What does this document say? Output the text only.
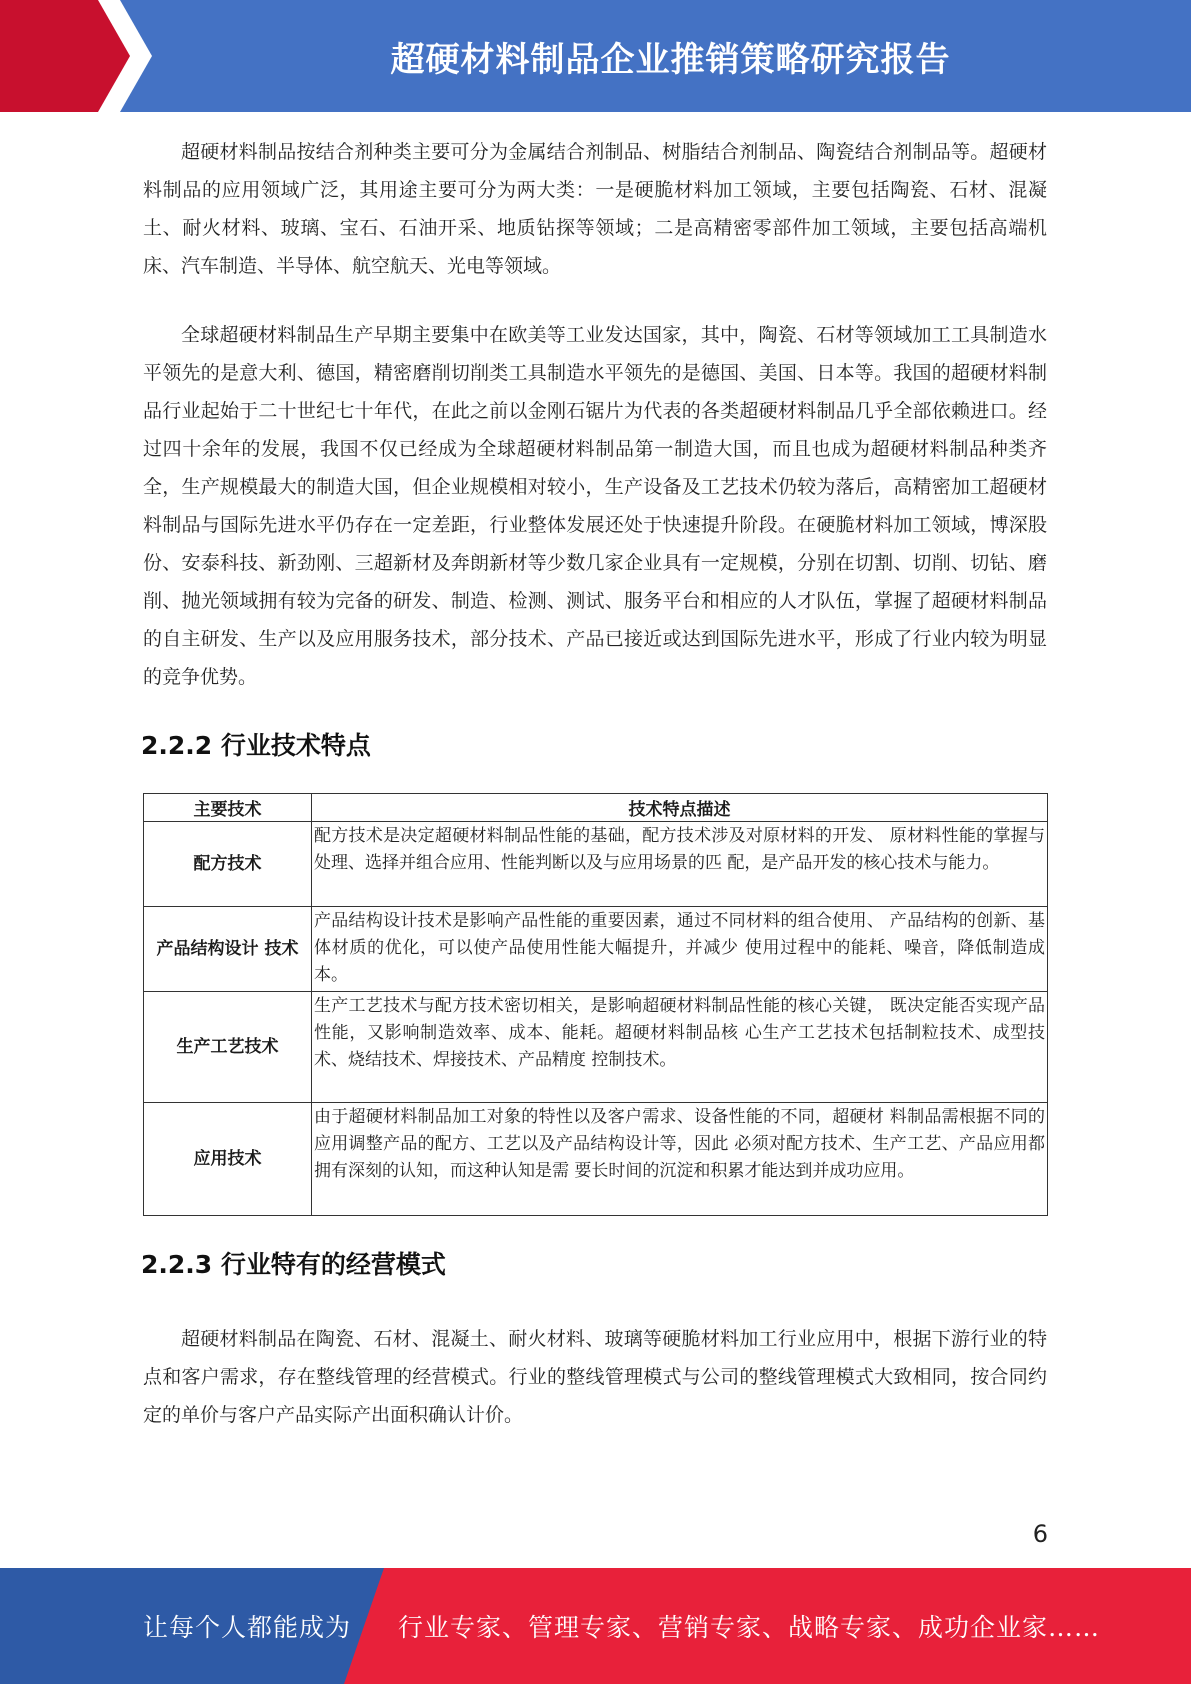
超硬材料制品企业推销策略研究报告

超硬材料制品按结合剂种类主要可分为金属结合剂制品、树脂结合剂制品、陶瓷结合剂制品等。超硬材料制品的应用领域广泛，其用途主要可分为两大类：一是硬脆材料加工领域，主要包括陶瓷、石材、混凝土、耐火材料、玻璃、宝石、石油开采、地质钻探等领域；二是高精密零部件加工领域，主要包括高端机床、汽车制造、半导体、航空航天、光电等领域。

全球超硬材料制品生产早期主要集中在欧美等工业发达国家，其中，陶瓷、石材等领域加工工具制造水平领先的是意大利、德国，精密磨削切削类工具制造水平领先的是德国、美国、日本等。我国的超硬材料制品行业起始于二十世纪七十年代，在此之前以金刚石锯片为代表的各类超硬材料制品几乎全部依赖进口。经过四十余年的发展，我国不仅已经成为全球超硬材料制品第一制造大国，而且也成为超硬材料制品种类齐全，生产规模最大的制造大国，但企业规模相对较小，生产设备及工艺技术仍较为落后，高精密加工超硬材料制品与国际先进水平仍存在一定差距，行业整体发展还处于快速提升阶段。在硬脆材料加工领域，博深股份、安泰科技、新劲刚、三超新材及奔朗新材等少数几家企业具有一定规模，分别在切割、切削、切钻、磨削、抛光领域拥有较为完备的研发、制造、检测、测试、服务平台和相应的人才队伍，掌握了超硬材料制品的自主研发、生产以及应用服务技术，部分技术、产品已接近或达到国际先进水平，形成了行业内较为明显的竞争优势。

2.2.2 行业技术特点
主要技术	技术特点描述
配方技术	配方技术是决定超硬材料制品性能的基础，配方技术涉及对原材料的开发、 原材料性能的掌握与处理、选择并组合应用、性能判断以及与应用场景的匹 配，是产品开发的核心技术与能力。
产品结构设计 技术	产品结构设计技术是影响产品性能的重要因素，通过不同材料的组合使用、 产品结构的创新、基体材质的优化，可以使产品使用性能大幅提升，并减少 使用过程中的能耗、噪音，降低制造成本。
生产工艺技术	生产工艺技术与配方技术密切相关，是影响超硬材料制品性能的核心关键， 既决定能否实现产品性能，又影响制造效率、成本、能耗。超硬材料制品核 心生产工艺技术包括制粒技术、成型技术、烧结技术、焊接技术、产品精度 控制技术。
应用技术	由于超硬材料制品加工对象的特性以及客户需求、设备性能的不同，超硬材 料制品需根据不同的应用调整产品的配方、工艺以及产品结构设计等，因此 必须对配方技术、生产工艺、产品应用都拥有深刻的认知，而这种认知是需 要长时间的沉淀和积累才能达到并成功应用。
2.2.3 行业特有的经营模式

超硬材料制品在陶瓷、石材、混凝土、耐火材料、玻璃等硬脆材料加工行业应用中，根据下游行业的特点和客户需求，存在整线管理的经营模式。行业的整线管理模式与公司的整线管理模式大致相同，按合同约定的单价与客户产品实际产出面积确认计价。

6
让每个人都能成为 行业专家、管理专家、营销专家、战略专家、成功企业家……
